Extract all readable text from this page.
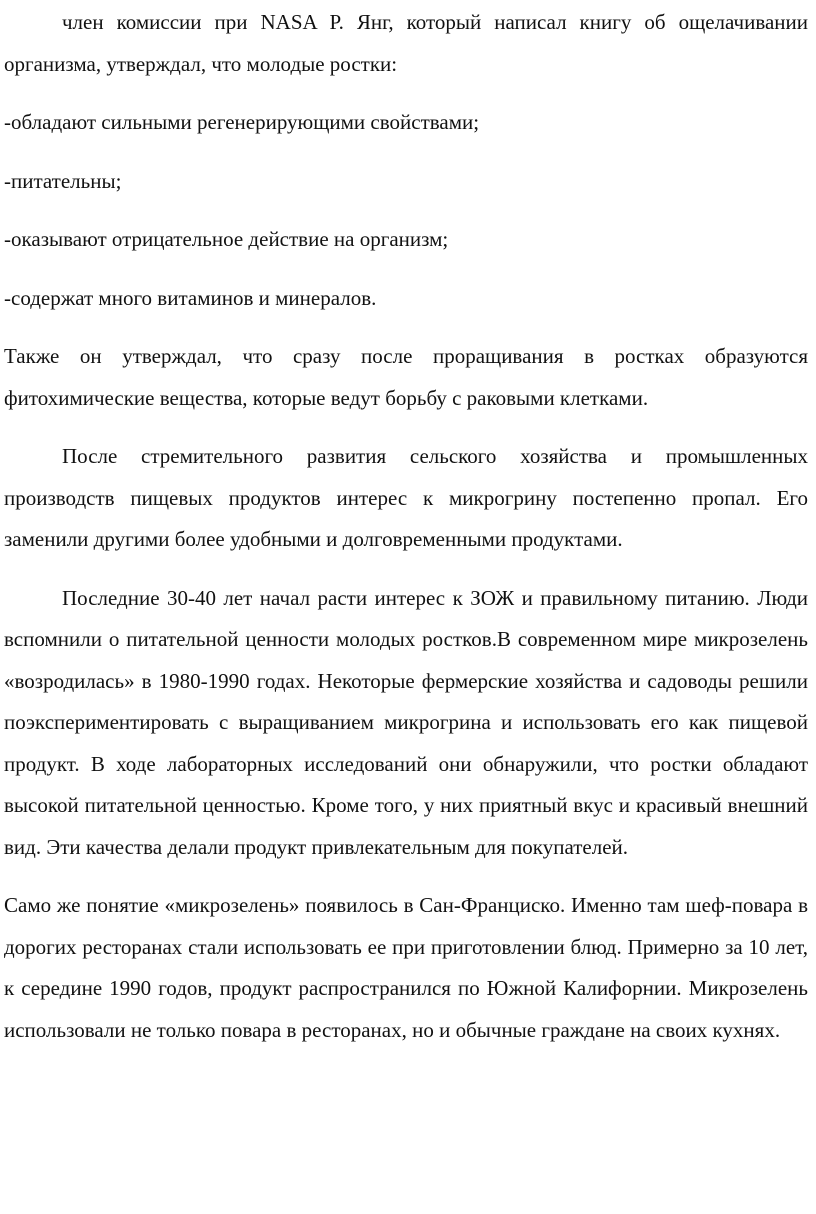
член комиссии при NASA Р. Янг, который написал книгу об ощелачивании организма, утверждал, что молодые ростки:

-обладают сильными регенерирующими свойствами;

-питательны;

-оказывают отрицательное действие на организм;

-содержат много витаминов и минералов.

Также он утверждал, что сразу после проращивания в ростках образуются фитохимические вещества, которые ведут борьбу с раковыми клетками.

После стремительного развития сельского хозяйства и промышленных производств пищевых продуктов интерес к микрогрину постепенно пропал. Его заменили другими более удобными и долговременными продуктами.

Последние 30-40 лет начал расти интерес к ЗОЖ и правильному питанию. Люди вспомнили о питательной ценности молодых ростков.В современном мире микрозелень «возродилась» в 1980-1990 годах. Некоторые фермерские хозяйства и садоводы решили поэкспериментировать с выращиванием микрогрина и использовать его как пищевой продукт. В ходе лабораторных исследований они обнаружили, что ростки обладают высокой питательной ценностью. Кроме того, у них приятный вкус и красивый внешний вид. Эти качества делали продукт привлекательным для покупателей.

Само же понятие «микрозелень» появилось в Сан-Франциско. Именно там шеф-повара в дорогих ресторанах стали использовать ее при приготовлении блюд. Примерно за 10 лет, к середине 1990 годов, продукт распространился по Южной Калифорнии. Микрозелень использовали не только повара в ресторанах, но и обычные граждане на своих кухнях.
